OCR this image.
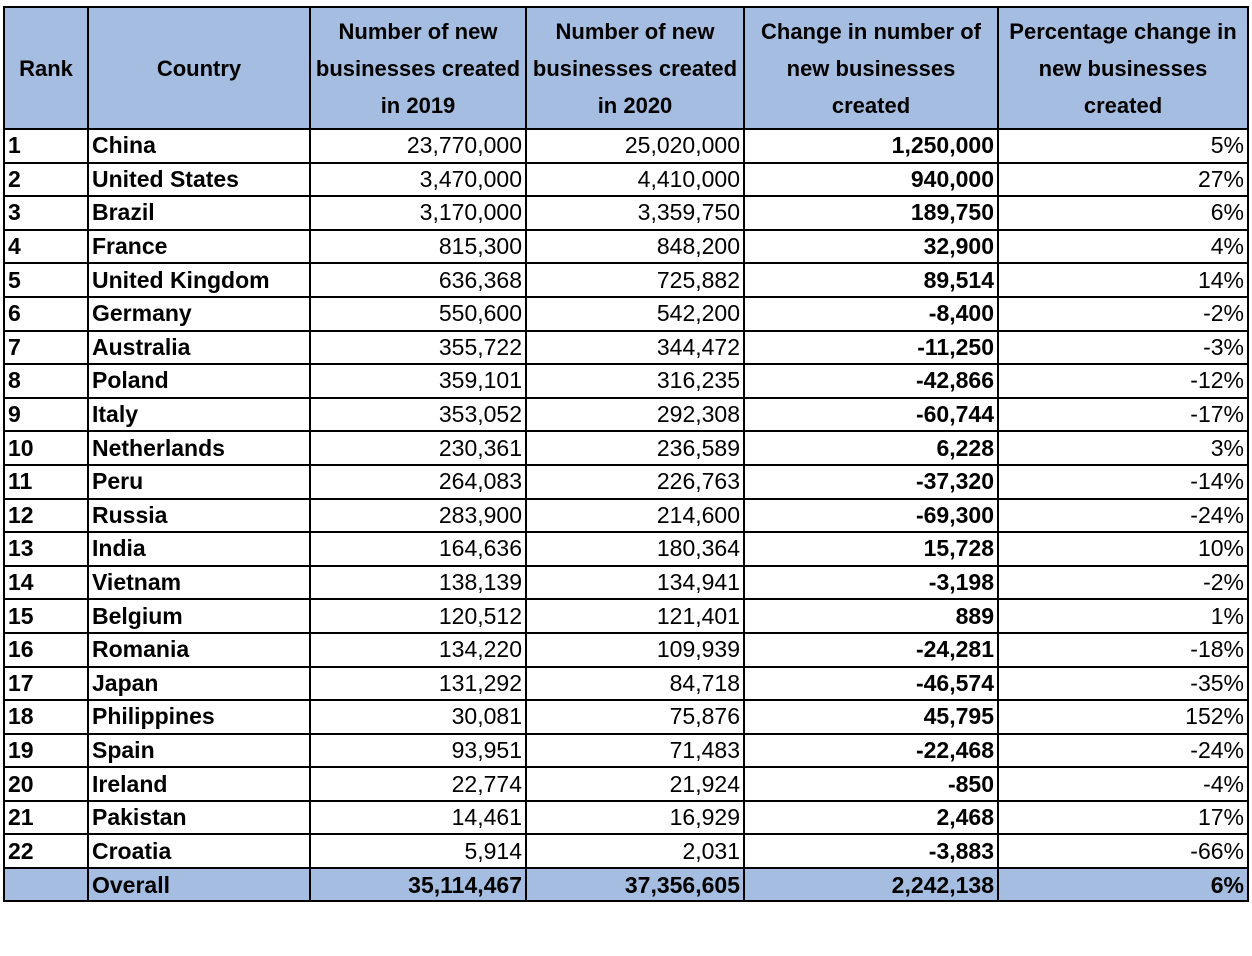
Rank	Country	Number of new businesses created in 2019	Number of new businesses created in 2020	Change in number of new businesses created	Percentage change in new businesses created
1	China	23,770,000	25,020,000	1,250,000	5%
2	United States	3,470,000	4,410,000	940,000	27%
3	Brazil	3,170,000	3,359,750	189,750	6%
4	France	815,300	848,200	32,900	4%
5	United Kingdom	636,368	725,882	89,514	14%
6	Germany	550,600	542,200	-8,400	-2%
7	Australia	355,722	344,472	-11,250	-3%
8	Poland	359,101	316,235	-42,866	-12%
9	Italy	353,052	292,308	-60,744	-17%
10	Netherlands	230,361	236,589	6,228	3%
11	Peru	264,083	226,763	-37,320	-14%
12	Russia	283,900	214,600	-69,300	-24%
13	India	164,636	180,364	15,728	10%
14	Vietnam	138,139	134,941	-3,198	-2%
15	Belgium	120,512	121,401	889	1%
16	Romania	134,220	109,939	-24,281	-18%
17	Japan	131,292	84,718	-46,574	-35%
18	Philippines	30,081	75,876	45,795	152%
19	Spain	93,951	71,483	-22,468	-24%
20	Ireland	22,774	21,924	-850	-4%
21	Pakistan	14,461	16,929	2,468	17%
22	Croatia	5,914	2,031	-3,883	-66%
	Overall	35,114,467	37,356,605	2,242,138	6%
